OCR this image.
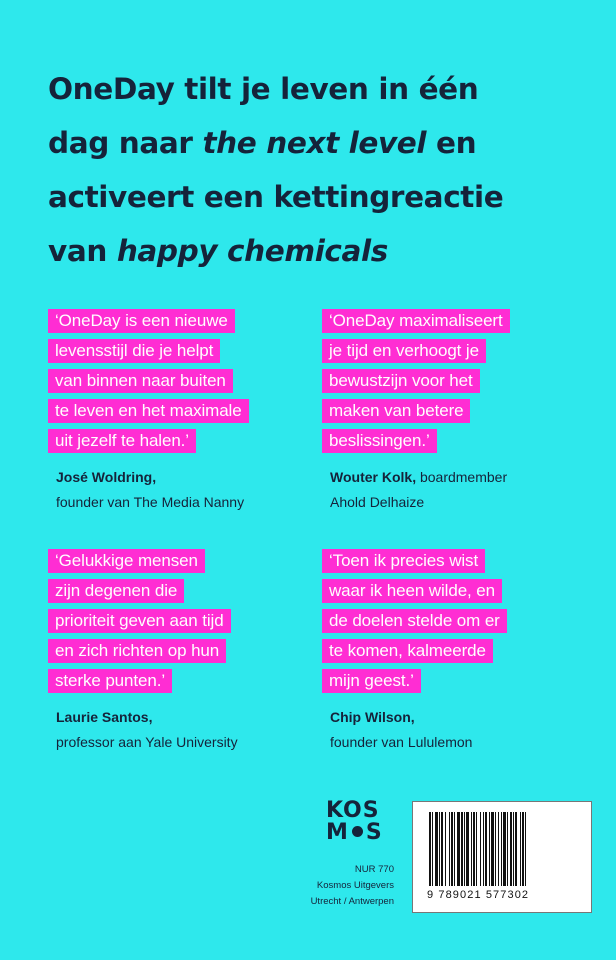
OneDay tilt je leven in één
dag naar the next level en
activeert een kettingreactie
van happy chemicals
‘OneDay is een nieuwe
levensstijl die je helpt
van binnen naar buiten
te leven en het maximale
uit jezelf te halen.’
José Woldring,
founder van The Media Nanny
‘OneDay maximaliseert
je tijd en verhoogt je
bewustzijn voor het
maken van betere
beslissingen.’
Wouter Kolk, boardmember
Ahold Delhaize
‘Gelukkige mensen
zijn degenen die
prioriteit geven aan tijd
en zich richten op hun
sterke punten.’
Laurie Santos,
professor aan Yale University
‘Toen ik precies wist
waar ik heen wilde, en
de doelen stelde om er
te komen, kalmeerde
mijn geest.’
Chip Wilson,
founder van Lululemon
KOS
M S
NUR 770
Kosmos Uitgevers
Utrecht / Antwerpen
9 789021 577302
